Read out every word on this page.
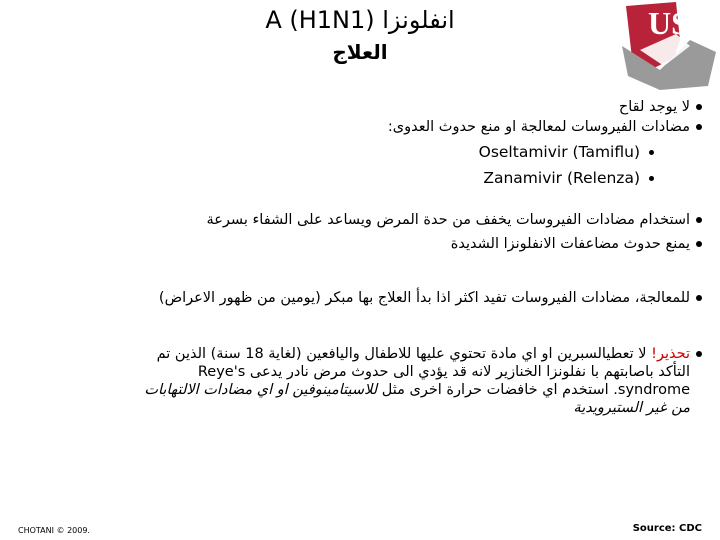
US
انفلونزا A (H1N1)
العلاج
لا يوجد لقاح
مضادات الفيروسات لمعالجة او منع حدوث العدوى:
Oseltamivir (Tamiflu)
Zanamivir (Relenza)
استخدام مضادات الفيروسات يخفف من حدة المرض ويساعد على الشفاء بسرعة
يمنع حدوث مضاعفات الانفلونزا الشديدة
للمعالجة، مضادات الفيروسات تفيد اكثر اذا بدأ العلاج بها مبكر (يومين من ظهور الاعراض)
تحذير! لا تعطيالسبرين او اي مادة تحتوي عليها للاطفال واليافعين (لغاية 18 سنة) الذين تم
التأكد باصابتهم با نفلونزا الخنازير لانه قد يؤدي الى حدوث مرض نادر يدعى Reye's
syndrome. استخدم اي خافضات حرارة اخرى مثل للاسيتامينوفين او اي مضادات الالتهابات
من غير الستيرويدية
CHOTANI © 2009.	Source: CDC
